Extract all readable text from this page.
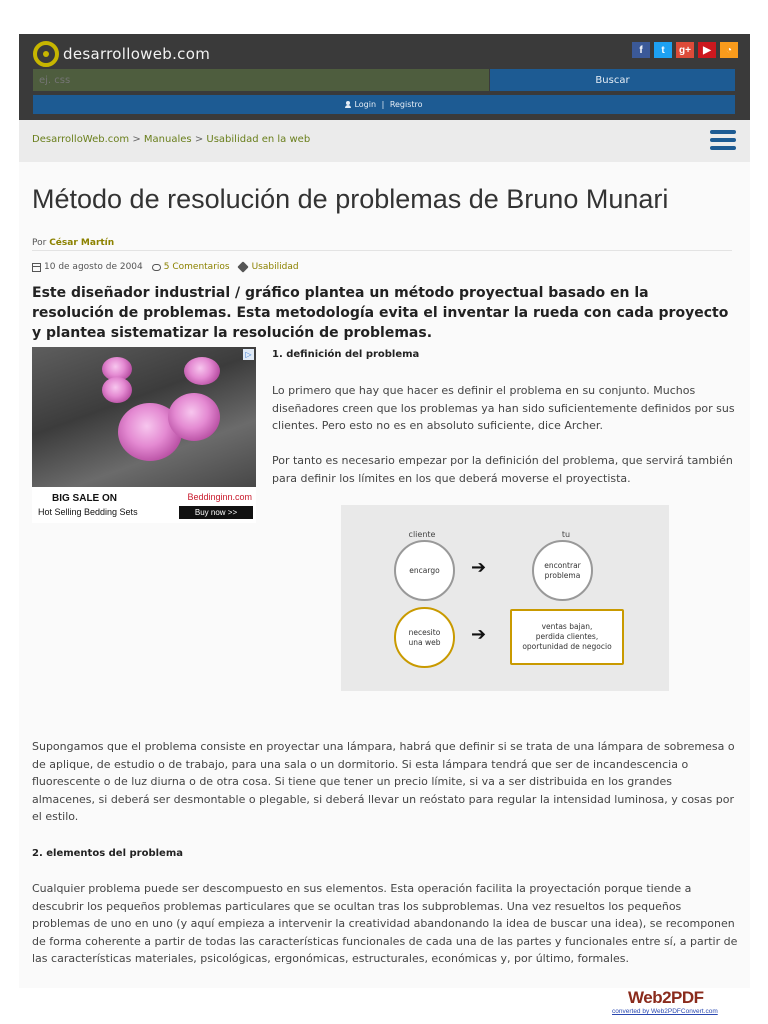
desarrolloweb.com	f	t	g+	▶	◔
ej. css
Buscar
Login | Registro
DesarrolloWeb.com > Manuales > Usabilidad en la web
Método de resolución de problemas de Bruno Munari
Por César Martín
10 de agosto de 2004 5 Comentarios Usabilidad

Este diseñador industrial / gráfico plantea un método proyectual basado en la resolución de problemas. Esta metodología evita el inventar la rueda con cada proyecto y plantea sistematizar la resolución de problemas.

▷
BIG SALE ON
Hot Selling Bedding Sets
Beddinginn.com
Buy now >>
1. definición del problema

Lo primero que hay que hacer es definir el problema en su conjunto. Muchos diseñadores creen que los problemas ya han sido suficientemente definidos por sus clientes. Pero esto no es en absoluto suficiente, dice Archer.

Por tanto es necesario empezar por la definición del problema, que servirá también para definir los límites en los que deberá moverse el proyectista.

cliente	tu
encargo ➔	encontrar
problema
necesito
una web ➔	ventas bajan,
perdida clientes,
oportunidad de negocio

Supongamos que el problema consiste en proyectar una lámpara, habrá que definir si se trata de una lámpara de sobremesa o de aplique, de estudio o de trabajo, para una sala o un dormitorio. Si esta lámpara tendrá que ser de incandescencia o fluorescente o de luz diurna o de otra cosa. Si tiene que tener un precio límite, si va a ser distribuida en los grandes almacenes, si deberá ser desmontable o plegable, si deberá llevar un reóstato para regular la intensidad luminosa, y cosas por el estilo.

2. elementos del problema

Cualquier problema puede ser descompuesto en sus elementos. Esta operación facilita la proyectación porque tiende a descubrir los pequeños problemas particulares que se ocultan tras los subproblemas. Una vez resueltos los pequeños problemas de uno en uno (y aquí empieza a intervenir la creatividad abandonando la idea de buscar una idea), se recomponen de forma coherente a partir de todas las características funcionales de cada una de las partes y funcionales entre sí, a partir de las características materiales, psicológicas, ergonómicas, estructurales, económicas y, por último, formales.

Web2PDF
converted by Web2PDFConvert.com
